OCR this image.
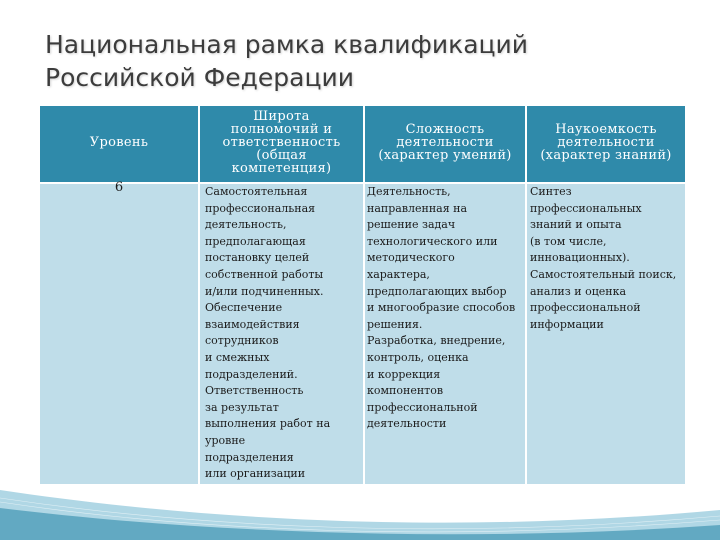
Национальная рамка квалификаций
Российской Федерации
Уровень
Широта
полномочий и
ответственность
(общая
компетенция)
Сложность
деятельности
(характер умений)
Наукоемкость
деятельности
(характер знаний)
6	Самостоятельная
профессиональная
деятельность,
предполагающая
постановку целей
собственной работы
и/или подчиненных.
Обеспечение
взаимодействия
сотрудников
и смежных
подразделений.
Ответственность
за результат
выполнения работ на
уровне
подразделения
или организации
Деятельность,
направленная на
решение задач
технологического или
методического
характера,
предполагающих выбор
и многообразие способов
решения.
Разработка, внедрение,
контроль, оценка
и коррекция
компонентов
профессиональной
деятельности
Синтез
профессиональных
знаний и опыта
(в том числе,
инновационных).
Самостоятельный поиск,
анализ и оценка
профессиональной
информации
